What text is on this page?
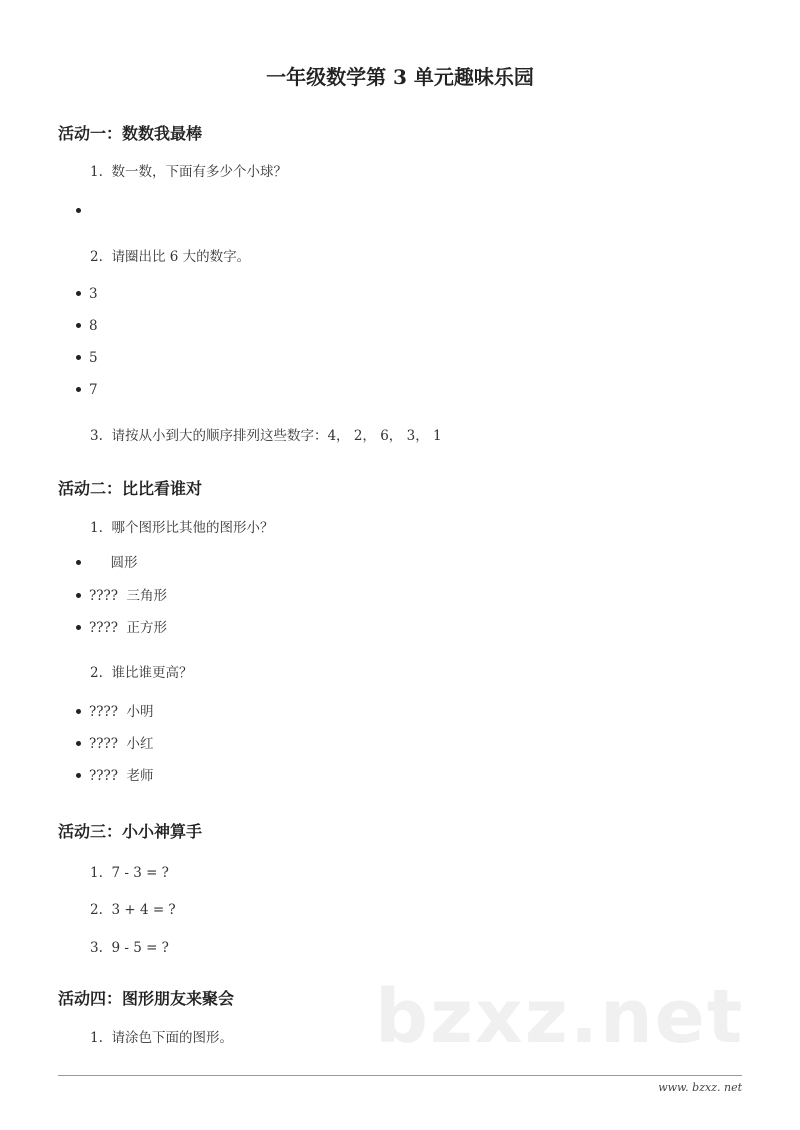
bzxz.net
一年级数学第 3 单元趣味乐园
活动一：数数我最棒
1.  数一数，下面有多少个小球？
2.  请圈出比 6 大的数字。
3
8
5
7
3.  请按从小到大的顺序排列这些数字：4， 2， 6， 3， 1
活动二：比比看谁对
1.  哪个图形比其他的图形小？
圆形
????  三角形
????  正方形
2.  谁比谁更高？
????  小明
????  小红
????  老师
活动三：小小神算手
1.  7 - 3 = ?
2.  3 + 4 = ?
3.  9 - 5 = ?
活动四：图形朋友来聚会
1.  请涂色下面的图形。
www. bzxz. net
